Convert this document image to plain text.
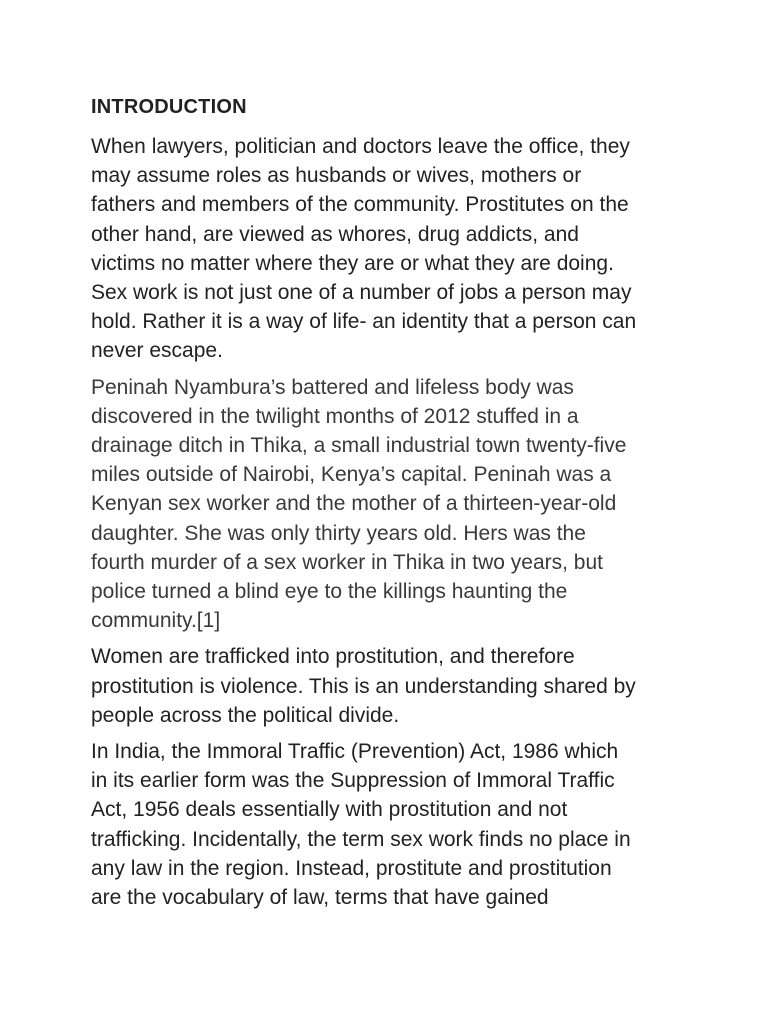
INTRODUCTION
When lawyers, politician and doctors leave the office, they
may assume roles as husbands or wives, mothers or
fathers and members of the community. Prostitutes on the
other hand, are viewed as whores, drug addicts, and
victims no matter where they are or what they are doing.
Sex work is not just one of a number of jobs a person may
hold. Rather it is a way of life- an identity that a person can
never escape.
Peninah Nyambura’s battered and lifeless body was
discovered in the twilight months of 2012 stuffed in a
drainage ditch in Thika, a small industrial town twenty-five
miles outside of Nairobi, Kenya’s capital. Peninah was a
Kenyan sex worker and the mother of a thirteen-year-old
daughter. She was only thirty years old. Hers was the
fourth murder of a sex worker in Thika in two years, but
police turned a blind eye to the killings haunting the
community.[1]
Women are trafficked into prostitution, and therefore
prostitution is violence. This is an understanding shared by
people across the political divide.
In India, the Immoral Traffic (Prevention) Act, 1986 which
in its earlier form was the Suppression of Immoral Traffic
Act, 1956 deals essentially with prostitution and not
trafficking. Incidentally, the term sex work finds no place in
any law in the region. Instead, prostitute and prostitution
are the vocabulary of law, terms that have gained
